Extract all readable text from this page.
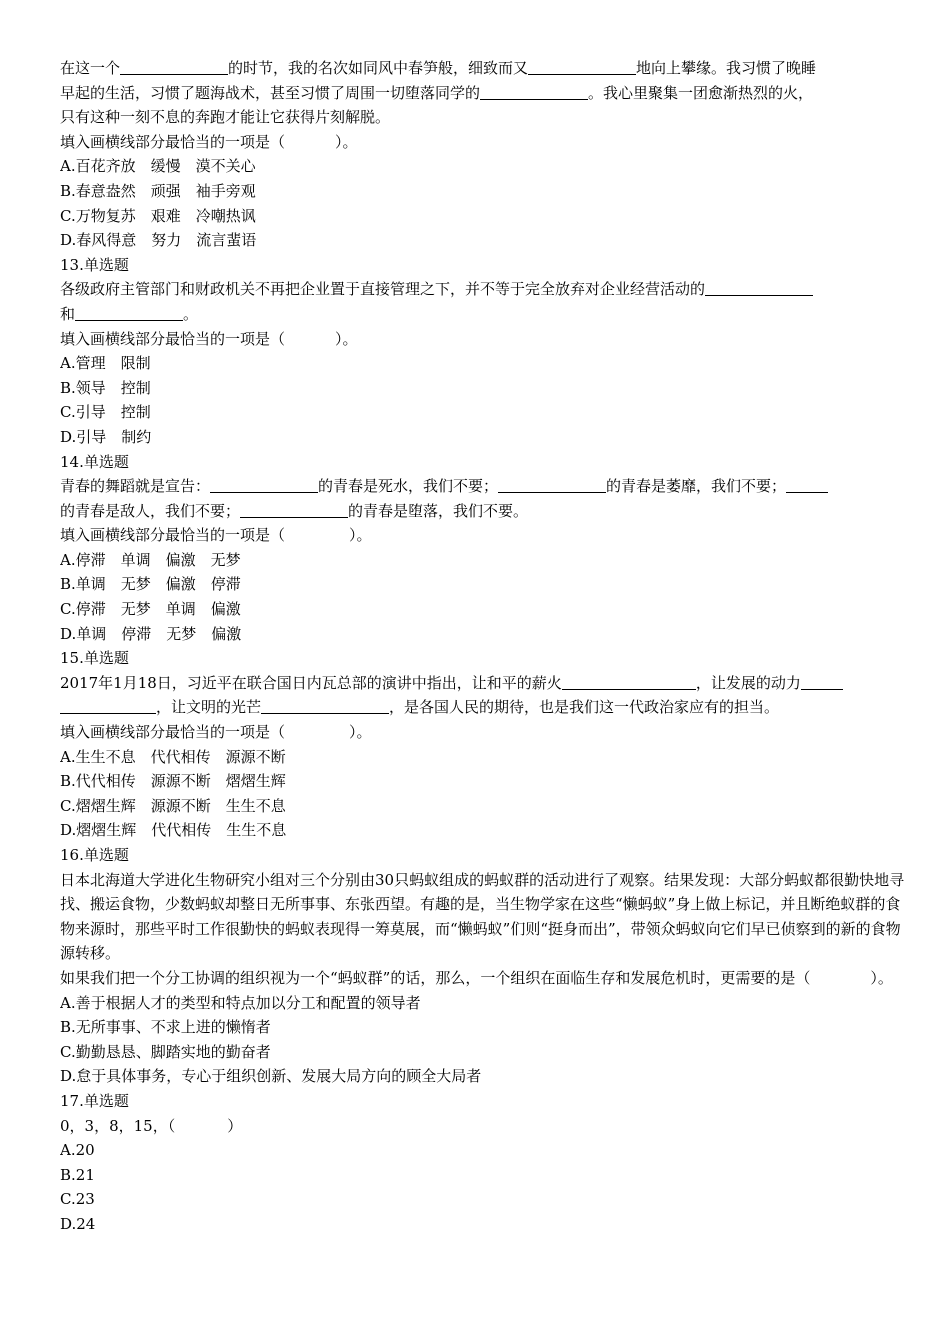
在这一个	的时节，我的名次如同风中春笋般，细致而又	地向上攀缘。我习惯了晚睡
早起的生活，习惯了题海战术，甚至习惯了周围一切堕落同学的	。我心里聚集一团愈渐热烈的火，
只有这种一刻不息的奔跑才能让它获得片刻解脱。
填入画横线部分最恰当的一项是（	）。
A.百花齐放　缓慢　漠不关心
B.春意盎然　顽强　袖手旁观
C.万物复苏　艰难　冷嘲热讽
D.春风得意　努力　流言蜚语
13.单选题
各级政府主管部门和财政机关不再把企业置于直接管理之下，并不等于完全放弃对企业经营活动的
和	。
填入画横线部分最恰当的一项是（	）。
A.管理　限制
B.领导　控制
C.引导　控制
D.引导　制约
14.单选题
青春的舞蹈就是宣告：	的青春是死水，我们不要；	的青春是萎靡，我们不要；
的青春是敌人，我们不要；	的青春是堕落，我们不要。
填入画横线部分最恰当的一项是（	）。
A.停滞　单调　偏激　无梦
B.单调　无梦　偏激　停滞
C.停滞　无梦　单调　偏激
D.单调　停滞　无梦　偏激
15.单选题
2017年1月18日，习近平在联合国日内瓦总部的演讲中指出，让和平的薪火	，让发展的动力
，让文明的光芒	，是各国人民的期待，也是我们这一代政治家应有的担当。
填入画横线部分最恰当的一项是（	）。
A.生生不息　代代相传　源源不断
B.代代相传　源源不断　熠熠生辉
C.熠熠生辉　源源不断　生生不息
D.熠熠生辉　代代相传　生生不息
16.单选题
日本北海道大学进化生物研究小组对三个分别由30只蚂蚁组成的蚂蚁群的活动进行了观察。结果发现：大部分蚂蚁都很勤快地寻找、搬运食物，少数蚂蚁却整日无所事事、东张西望。有趣的是，当生物学家在这些“懒蚂蚁”身上做上标记，并且断绝蚁群的食物来源时，那些平时工作很勤快的蚂蚁表现得一筹莫展，而“懒蚂蚁”们则“挺身而出”，带领众蚂蚁向它们早已侦察到的新的食物源转移。
如果我们把一个分工协调的组织视为一个“蚂蚁群”的话，那么，一个组织在面临生存和发展危机时，更需要的是（	）。
A.善于根据人才的类型和特点加以分工和配置的领导者
B.无所事事、不求上进的懒惰者
C.勤勤恳恳、脚踏实地的勤奋者
D.怠于具体事务，专心于组织创新、发展大局方向的顾全大局者
17.单选题
0，3，8，15，（	）
A.20
B.21
C.23
D.24
